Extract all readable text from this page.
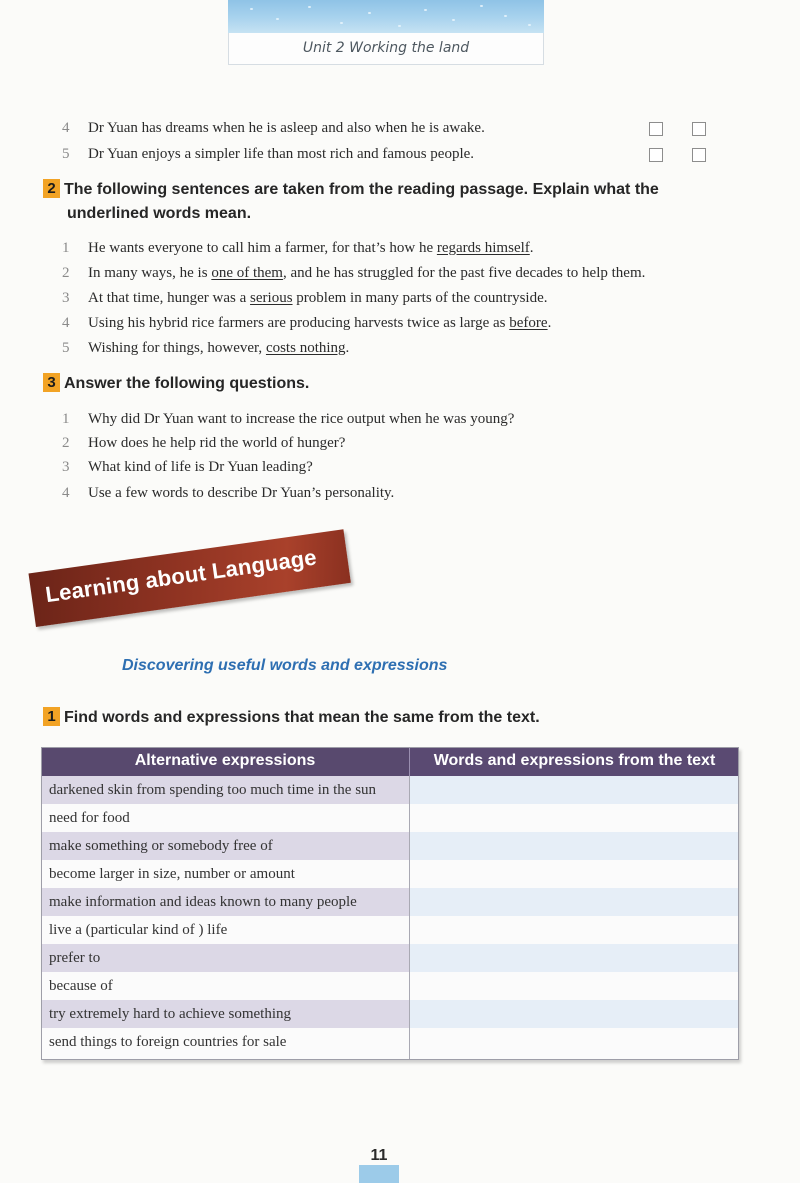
Unit 2 Working the land
4 Dr Yuan has dreams when he is asleep and also when he is awake.
5 Dr Yuan enjoys a simpler life than most rich and famous people.
2 The following sentences are taken from the reading passage. Explain what the
underlined words mean.
1 He wants everyone to call him a farmer, for that’s how he regards himself.
2 In many ways, he is one of them, and he has struggled for the past five decades to help them.
3 At that time, hunger was a serious problem in many parts of the countryside.
4 Using his hybrid rice farmers are producing harvests twice as large as before.
5 Wishing for things, however, costs nothing.
3 Answer the following questions.
1 Why did Dr Yuan want to increase the rice output when he was young?
2 How does he help rid the world of hunger?
3 What kind of life is Dr Yuan leading?
4 Use a few words to describe Dr Yuan’s personality.
Learning about Language
Discovering useful words and expressions
1 Find words and expressions that mean the same from the text.
Alternative expressions	Words and expressions from the text
darkened skin from spending too much time in the sun
need for food
make something or somebody free of
become larger in size, number or amount
make information and ideas known to many people
live a (particular kind of ) life
prefer to
because of
try extremely hard to achieve something
send things to foreign countries for sale
11
